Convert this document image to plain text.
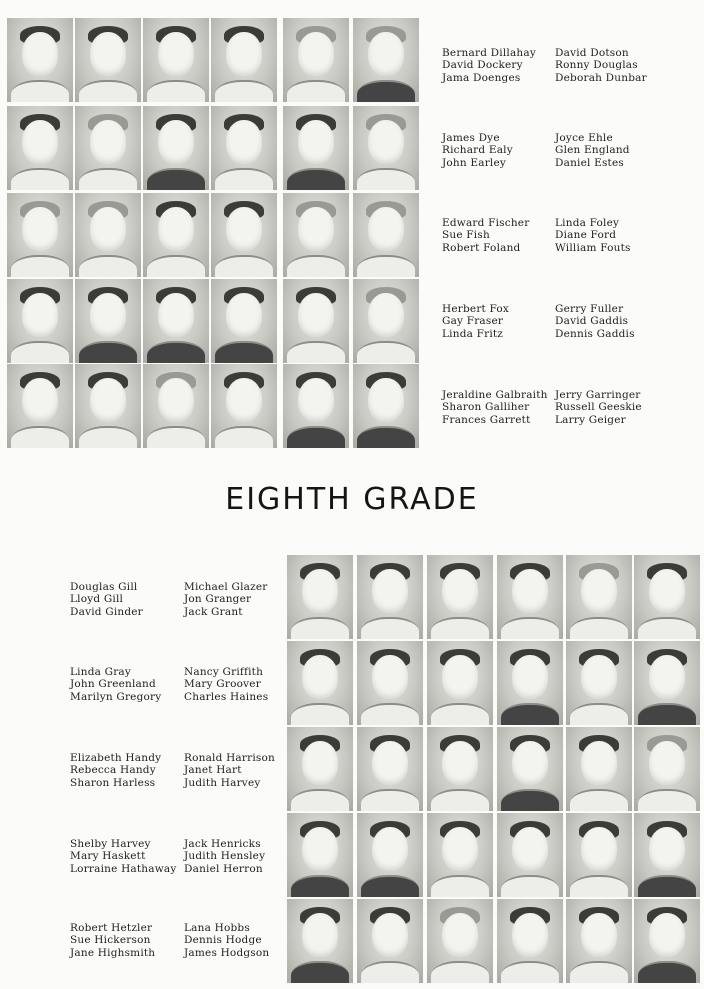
Bernard Dillahay
David Dockery
Jama Doenges
David Dotson
Ronny Douglas
Deborah Dunbar
James Dye
Richard Ealy
John Earley
Joyce Ehle
Glen England
Daniel Estes
Edward Fischer
Sue Fish
Robert Foland
Linda Foley
Diane Ford
William Fouts
Herbert Fox
Gay Fraser
Linda Fritz
Gerry Fuller
David Gaddis
Dennis Gaddis
Jeraldine Galbraith
Sharon Galliher
Frances Garrett
Jerry Garringer
Russell Geeskie
Larry Geiger
EIGHTH GRADE
Douglas Gill
Lloyd Gill
David Ginder
Michael Glazer
Jon Granger
Jack Grant
Linda Gray
John Greenland
Marilyn Gregory
Nancy Griffith
Mary Groover
Charles Haines
Elizabeth Handy
Rebecca Handy
Sharon Harless
Ronald Harrison
Janet Hart
Judith Harvey
Shelby Harvey
Mary Haskett
Lorraine Hathaway
Jack Henricks
Judith Hensley
Daniel Herron
Robert Hetzler
Sue Hickerson
Jane Highsmith
Lana Hobbs
Dennis Hodge
James Hodgson
